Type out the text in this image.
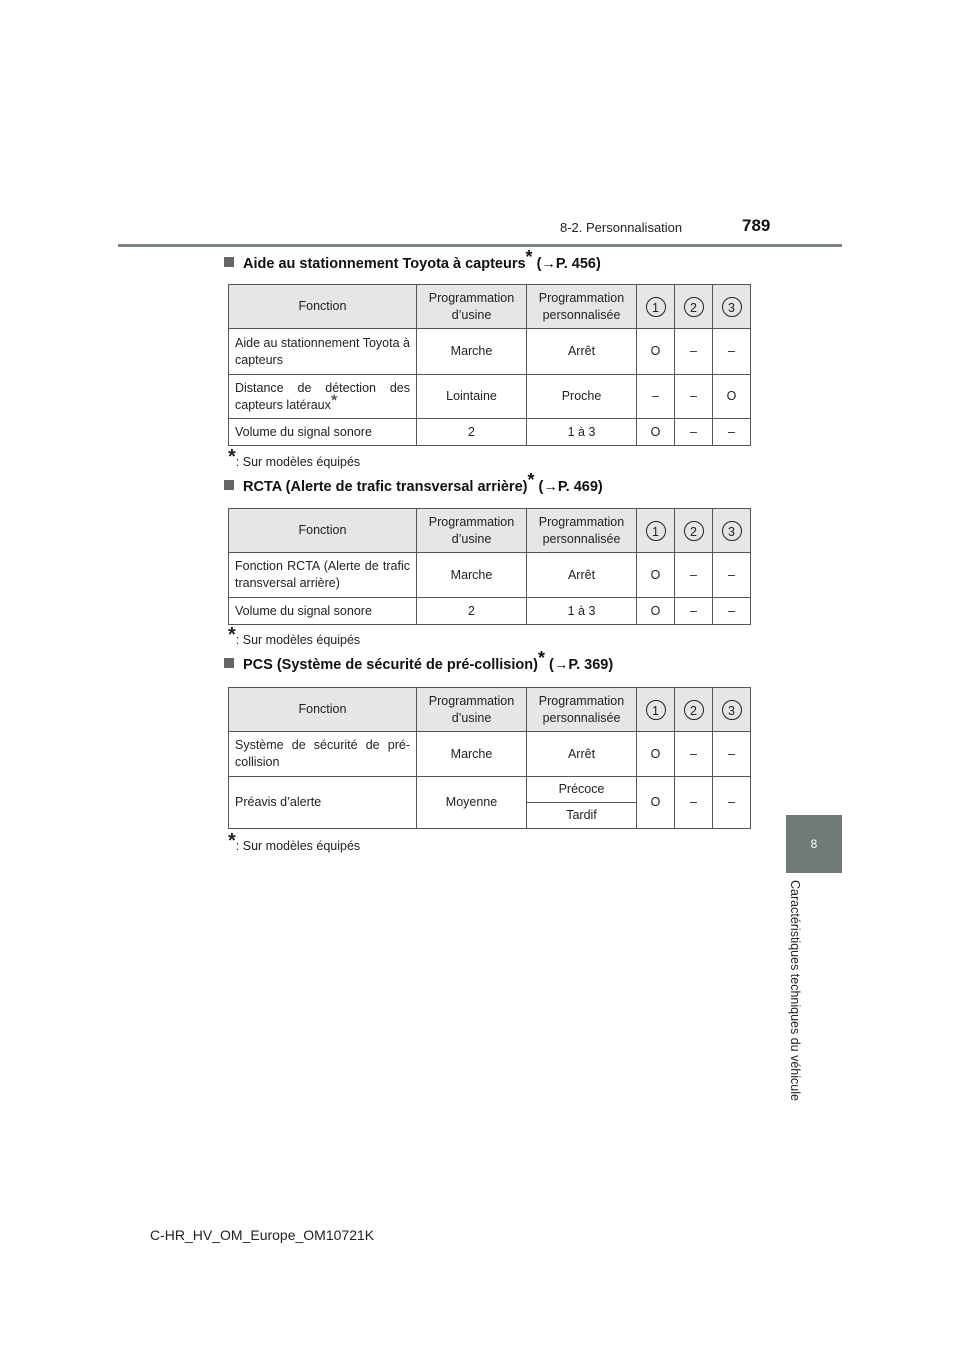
8-2. Personnalisation	789
8
Caractéristiques techniques du véhicule
Aide au stationnement Toyota à capteurs* (→P. 456)
Fonction	Programmation d’usine	Programmation personnalisée	1	2	3
Aide au stationnement Toyota à capteurs	Marche	Arrêt	O	–	–
Distance de détection des capteurs latéraux*	Lointaine	Proche	–	–	O
Volume du signal sonore	2	1 à 3	O	–	–
*: Sur modèles équipés
RCTA (Alerte de trafic transversal arrière)* (→P. 469)
Fonction	Programmation d’usine	Programmation personnalisée	1	2	3
Fonction RCTA (Alerte de trafic transversal arrière)	Marche	Arrêt	O	–	–
Volume du signal sonore	2	1 à 3	O	–	–
*: Sur modèles équipés
PCS (Système de sécurité de pré-collision)* (→P. 369)
Fonction	Programmation d’usine	Programmation personnalisée	1	2	3
Système de sécurité de pré-collision	Marche	Arrêt	O	–	–
Préavis d’alerte	Moyenne	Précoce	O	–	–
		Tardif			
*: Sur modèles équipés
C-HR_HV_OM_Europe_OM10721K
